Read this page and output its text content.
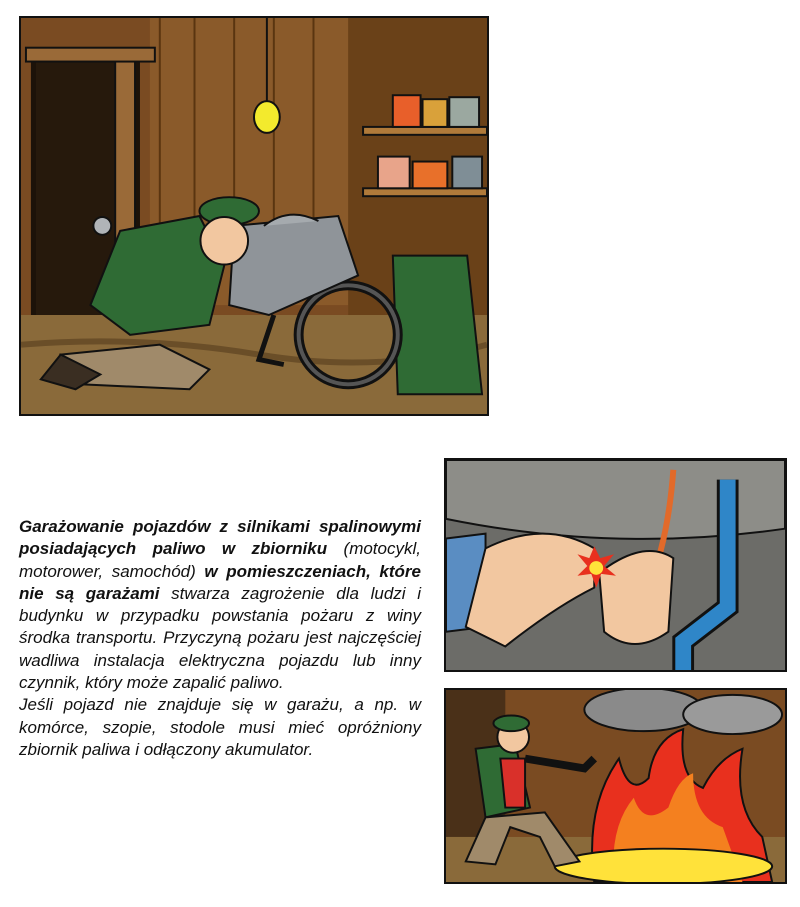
Garażowanie pojazdów z silnikami spalinowymi posiadających paliwo w zbiorniku (motocykl, motorower, samochód) w pomieszczeniach, które nie są garażami stwarza zagrożenie dla ludzi i budynku w przypadku powstania pożaru z winy środka transportu. Przyczyną pożaru jest najczęściej wadliwa instalacja elektryczna pojazdu lub inny czynnik, który może zapalić paliwo.

Jeśli pojazd nie znajduje się w garażu, a np. w komórce, szopie, stodole musi mieć opróżniony zbiornik paliwa i odłączony akumulator.
